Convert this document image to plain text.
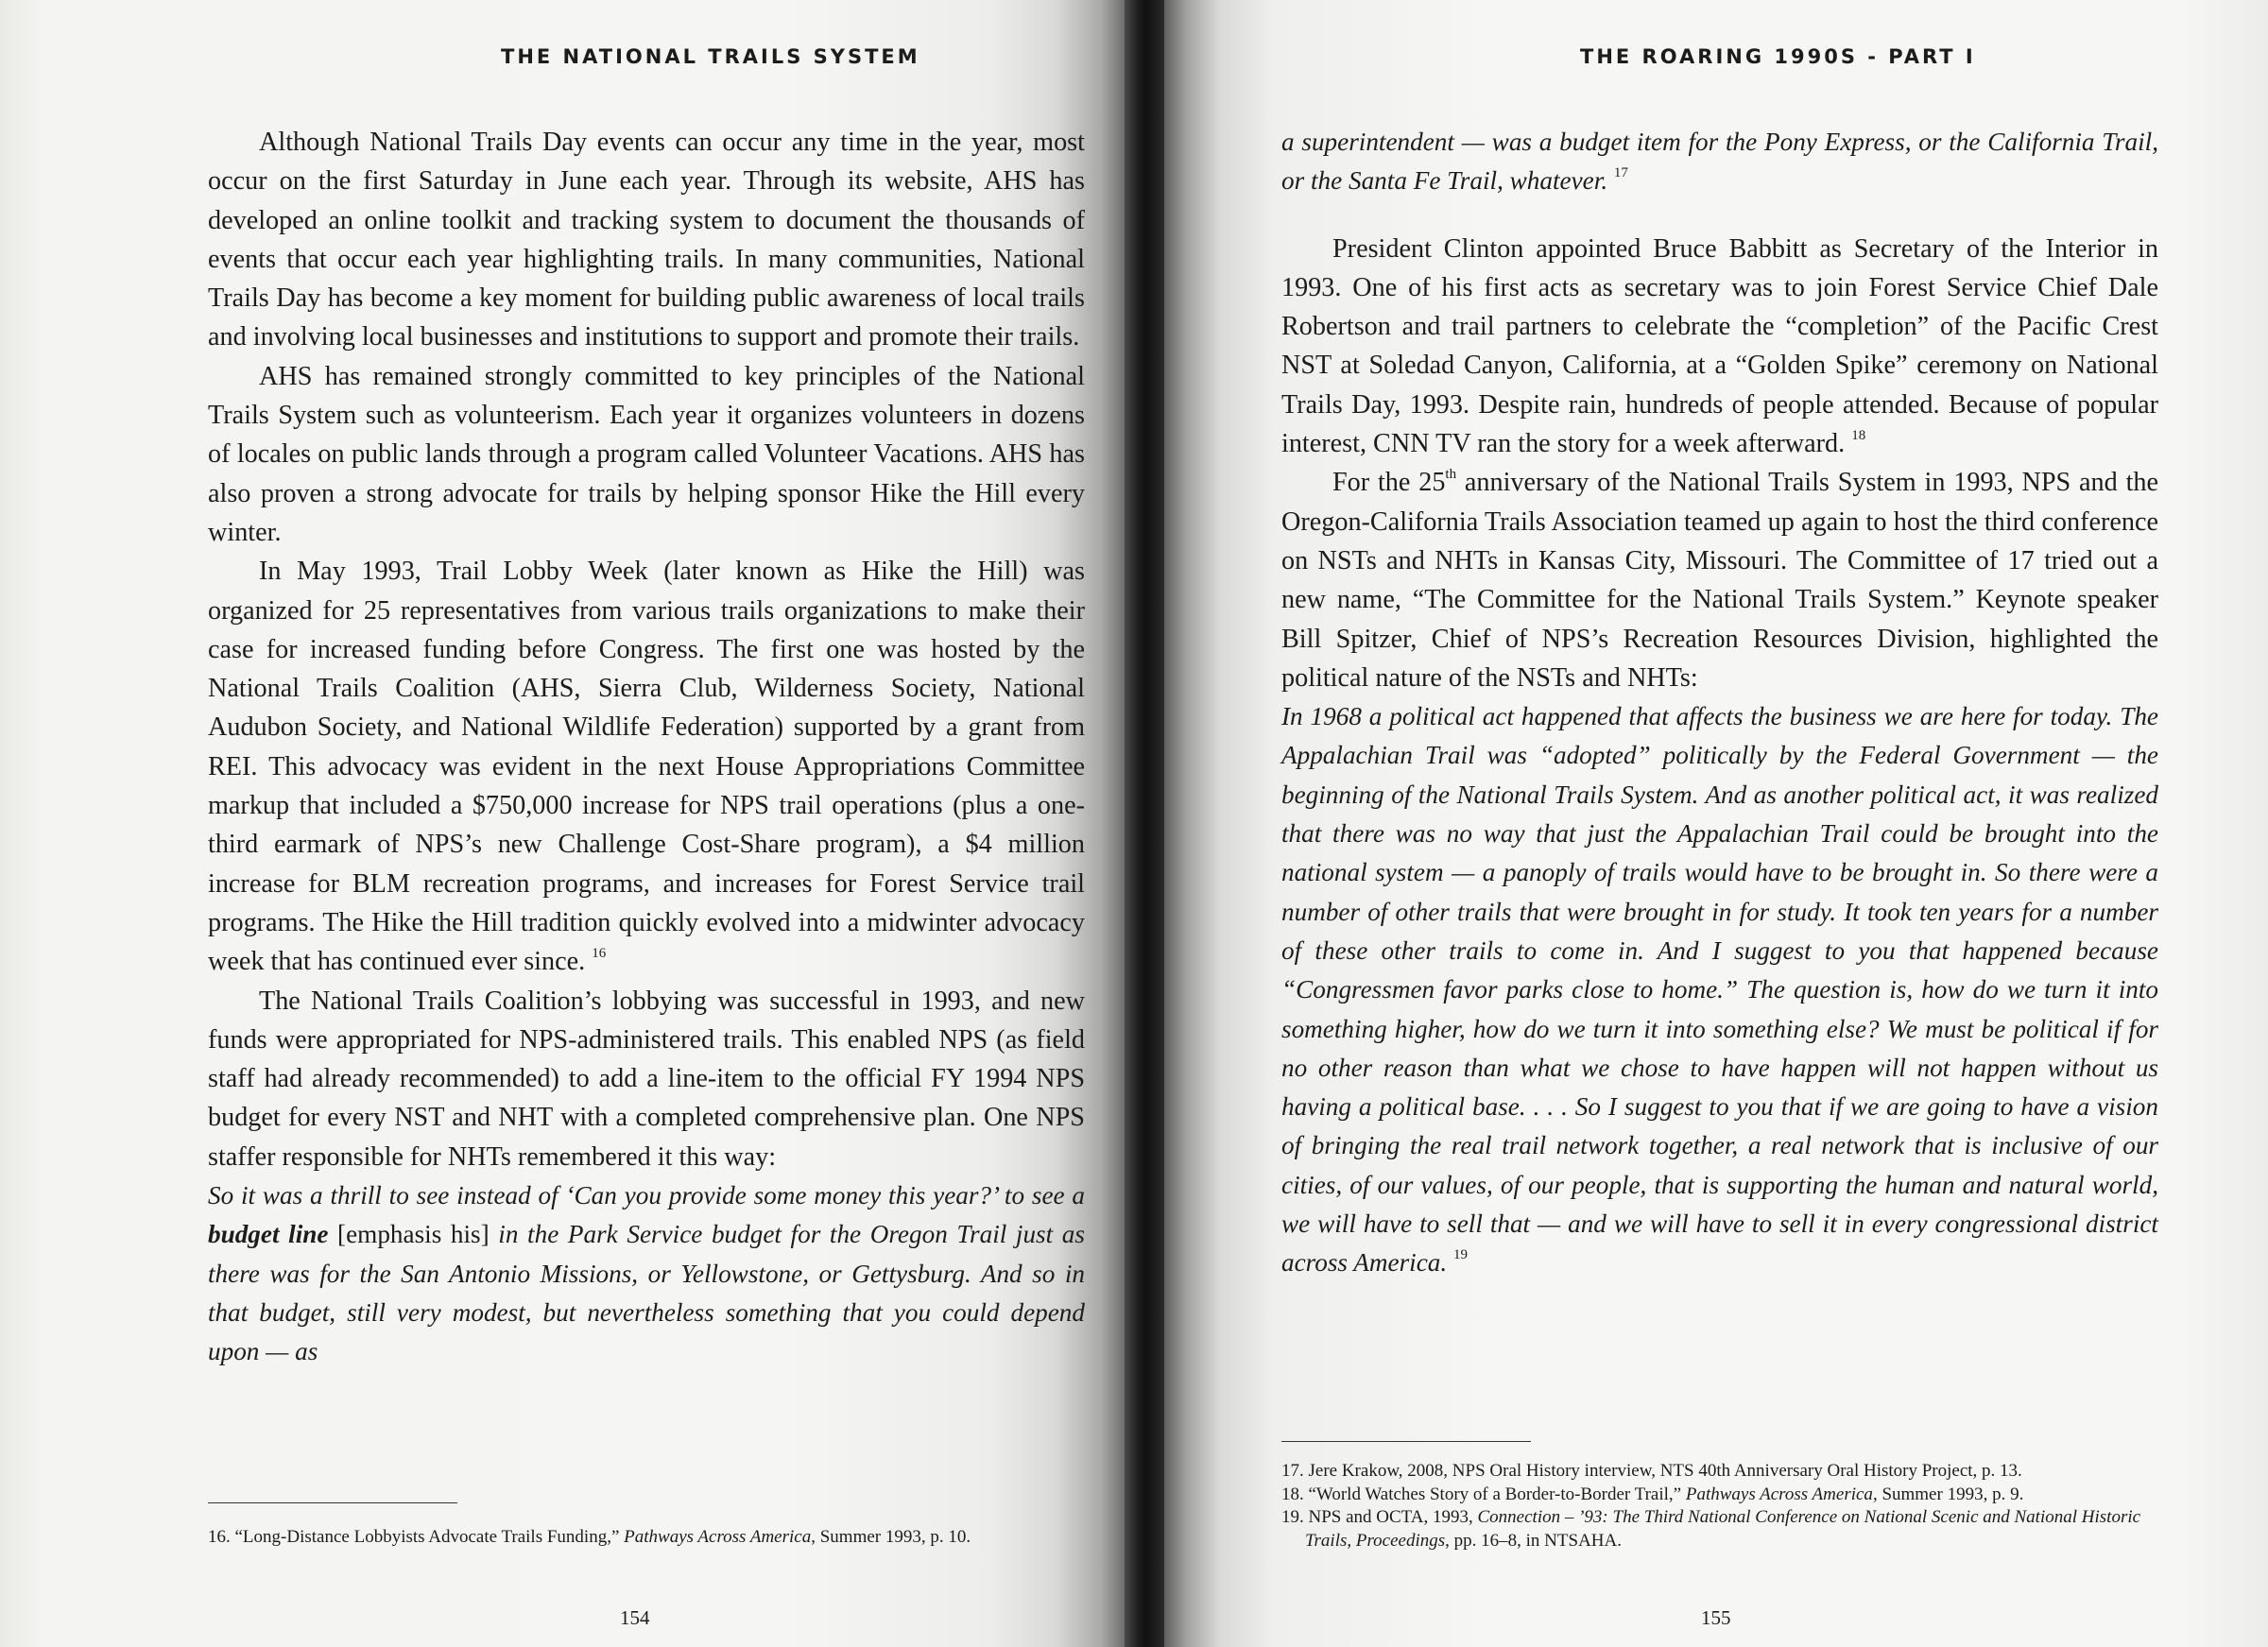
THE NATIONAL TRAILS SYSTEM

Although National Trails Day events can occur any time in the year, most occur on the first Saturday in June each year. Through its website, AHS has developed an online toolkit and tracking system to document the thousands of events that occur each year highlighting trails. In many communities, National Trails Day has become a key moment for building public awareness of local trails and involving local businesses and institutions to support and promote their trails.

AHS has remained strongly committed to key principles of the National Trails System such as volunteerism. Each year it organizes volunteers in dozens of locales on public lands through a program called Volunteer Vacations. AHS has also proven a strong advocate for trails by helping sponsor Hike the Hill every winter.

In May 1993, Trail Lobby Week (later known as Hike the Hill) was organized for 25 representatives from various trails organizations to make their case for increased funding before Congress. The first one was hosted by the National Trails Coalition (AHS, Sierra Club, Wilderness Society, National Audubon Society, and National Wildlife Federation) supported by a grant from REI. This advocacy was evident in the next House Appropriations Committee markup that included a $750,000 increase for NPS trail operations (plus a one-third earmark of NPS’s new Challenge Cost-Share program), a $4 million increase for BLM recreation programs, and increases for Forest Service trail programs. The Hike the Hill tradition quickly evolved into a midwinter advocacy week that has continued ever since. $^{16}$

The National Trails Coalition’s lobbying was successful in 1993, and new funds were appropriated for NPS-administered trails. This enabled NPS (as field staff had already recommended) to add a line-item to the official FY 1994 NPS budget for every NST and NHT with a completed comprehensive plan. One NPS staffer responsible for NHTs remembered it this way:

So it was a thrill to see instead of ‘Can you provide some money this year?’ to see a budget line [emphasis his] in the Park Service budget for the Oregon Trail just as there was for the San Antonio Missions, or Yellowstone, or Gettysburg. And so in that budget, still very modest, but nevertheless something that you could depend upon — as

16. “Long-Distance Lobbyists Advocate Trails Funding,” Pathways Across America, Summer 1993, p. 10.

154
THE ROARING 1990S - PART I

a superintendent — was a budget item for the Pony Express, or the California Trail, or the Santa Fe Trail, whatever. $^{17}$

President Clinton appointed Bruce Babbitt as Secretary of the Interior in 1993. One of his first acts as secretary was to join Forest Service Chief Dale Robertson and trail partners to celebrate the “completion” of the Pacific Crest NST at Soledad Canyon, California, at a “Golden Spike” ceremony on National Trails Day, 1993. Despite rain, hundreds of people attended. Because of popular interest, CNN TV ran the story for a week afterward. $^{18}$

For the 25th anniversary of the National Trails System in 1993, NPS and the Oregon-California Trails Association teamed up again to host the third conference on NSTs and NHTs in Kansas City, Missouri. The Committee of 17 tried out a new name, “The Committee for the National Trails System.” Keynote speaker Bill Spitzer, Chief of NPS’s Recreation Resources Division, highlighted the political nature of the NSTs and NHTs:

In 1968 a political act happened that affects the business we are here for today. The Appalachian Trail was “adopted” politically by the Federal Government — the beginning of the National Trails System. And as another political act, it was realized that there was no way that just the Appalachian Trail could be brought into the national system — a panoply of trails would have to be brought in. So there were a number of other trails that were brought in for study. It took ten years for a number of these other trails to come in. And I suggest to you that happened because “Congressmen favor parks close to home.” The question is, how do we turn it into something higher, how do we turn it into something else? We must be political if for no other reason than what we chose to have happen will not happen without us having a political base. . . . So I suggest to you that if we are going to have a vision of bringing the real trail network together, a real network that is inclusive of our cities, of our values, of our people, that is supporting the human and natural world, we will have to sell that — and we will have to sell it in every congressional district across America. $^{19}$

17. Jere Krakow, 2008, NPS Oral History interview, NTS 40th Anniversary Oral History Project, p. 13.

18. “World Watches Story of a Border-to-Border Trail,” Pathways Across America, Summer 1993, p. 9.

19. NPS and OCTA, 1993, Connection – ’93: The Third National Conference on National Scenic and National Historic Trails, Proceedings, pp. 16–8, in NTSAHA.

155
